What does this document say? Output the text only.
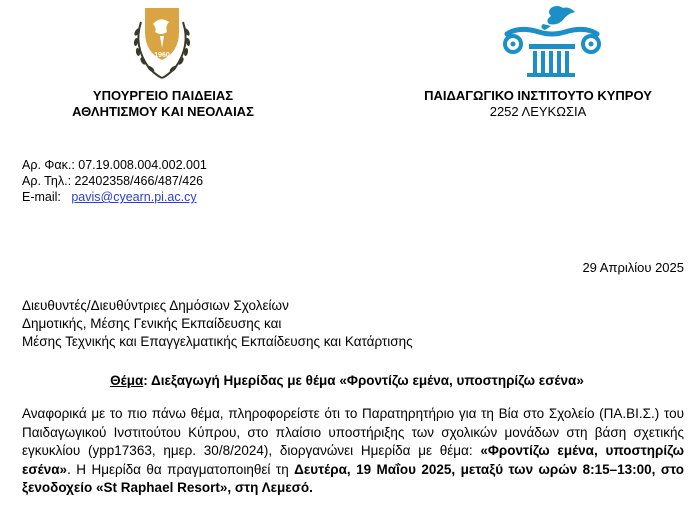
1960
ΥΠΟΥΡΓΕΙΟ ΠΑΙΔΕΙΑΣ
ΑΘΛΗΤΙΣΜΟΥ ΚΑΙ ΝΕΟΛΑΙΑΣ
ΠΑΙΔΑΓΩΓΙΚΟ ΙΝΣΤΙΤΟΥΤΟ ΚΥΠΡΟΥ
2252 ΛΕΥΚΩΣΙΑ
Αρ. Φακ.: 07.19.008.004.002.001
Αρ. Τηλ.: 22402358/466/487/426
E-mail: pavis@cyearn.pi.ac.cy
29 Απριλίου 2025
Διευθυντές/Διευθύντριες Δημόσιων Σχολείων
Δημοτικής, Μέσης Γενικής Εκπαίδευσης και
Μέσης Τεχνικής και Επαγγελματικής Εκπαίδευσης και Κατάρτισης
Θέμα: Διεξαγωγή Ημερίδας με θέμα «Φροντίζω εμένα, υποστηρίζω εσένα»
Αναφορικά με το πιο πάνω θέμα, πληροφορείστε ότι το Παρατηρητήριο για τη Βία στο Σχολείο (ΠΑ.ΒΙ.Σ.) του Παιδαγωγικού Ινστιτούτου Κύπρου, στο πλαίσιο υποστήριξης των σχολικών μονάδων στη βάση σχετικής εγκυκλίου (ypp17363, ημερ. 30/8/2024), διοργανώνει Ημερίδα με θέμα: «Φροντίζω εμένα, υποστηρίζω εσένα». Η Ημερίδα θα πραγματοποιηθεί τη Δευτέρα, 19 Μαΐου 2025, μεταξύ των ωρών 8:15–13:00, στο ξενοδοχείο «St Raphael Resort», στη Λεμεσό.
